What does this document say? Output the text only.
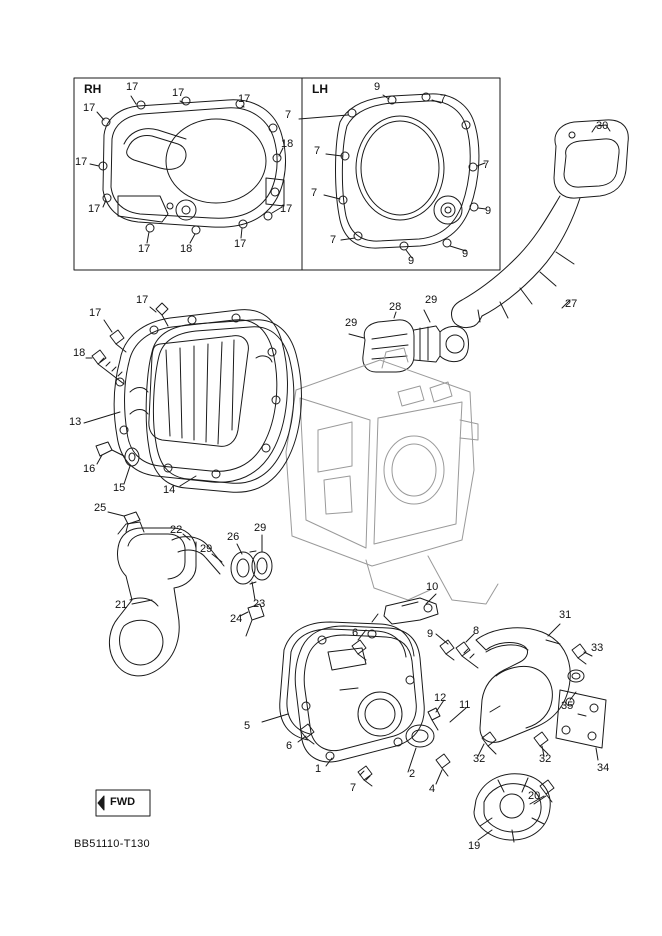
RH	LH
FWD
BB51110-T130
17	17	17
17
18
17
17	17
17	18	17
9
7
7
7
7
7
9
7
9
9
30
27
28
29
29
17
17
18
13
16
15	14
25
22
29
26
29
23
24
21
10
6	9	8
31
33
12
11	35
5
6
1
7
2
4
32	32
34
20
19
